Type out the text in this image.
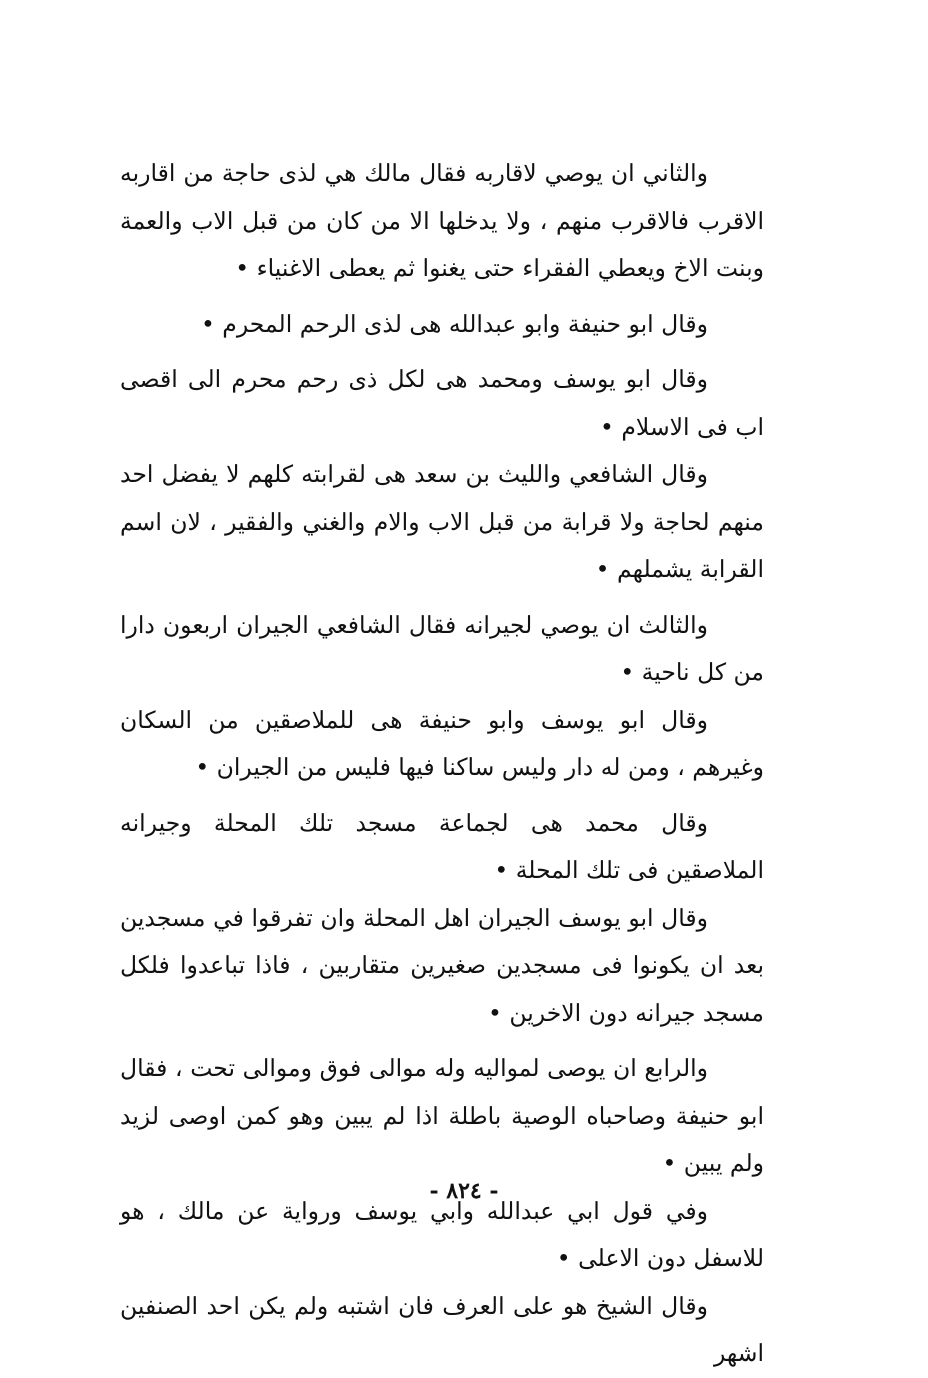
والثاني ان يوصي لاقاربه فقال مالك هي لذى حاجة من اقاربه الاقرب فالاقرب منهم ، ولا يدخلها الا من كان من قبل الاب والعمة وبنت الاخ ويعطي الفقراء حتى يغنوا ثم يعطى الاغنياء •

وقال ابو حنيفة وابو عبدالله هى لذى الرحم المحرم •

وقال ابو يوسف ومحمد هى لكل ذى رحم محرم الى اقصى اب فى الاسلام •

وقال الشافعي والليث بن سعد هى لقرابته كلهم لا يفضل احد منهم لحاجة ولا قرابة من قبل الاب والام والغني والفقير ، لان اسم القرابة يشملهم •

والثالث ان يوصي لجيرانه فقال الشافعي الجيران اربعون دارا من كل ناحية •

وقال ابو يوسف وابو حنيفة هى للملاصقين من السكان وغيرهم ، ومن له دار وليس ساكنا فيها فليس من الجيران •

وقال محمد هى لجماعة مسجد تلك المحلة وجيرانه الملاصقين فى تلك المحلة •

وقال ابو يوسف الجيران اهل المحلة وان تفرقوا في مسجدين بعد ان يكونوا فى مسجدين صغيرين متقاربين ، فاذا تباعدوا فلكل مسجد جيرانه دون الاخرين •

والرابع ان يوصى لمواليه وله موالى فوق وموالى تحت ، فقال ابو حنيفة وصاحباه الوصية باطلة اذا لم يبين وهو كمن اوصى لزيد ولم يبين •

وفي قول ابي عبدالله وابي يوسف ورواية عن مالك ، هو للاسفل دون الاعلى •

وقال الشيخ هو على العرف فان اشتبه ولم يكن احد الصنفين اشهر

- ٨٢٤ -
